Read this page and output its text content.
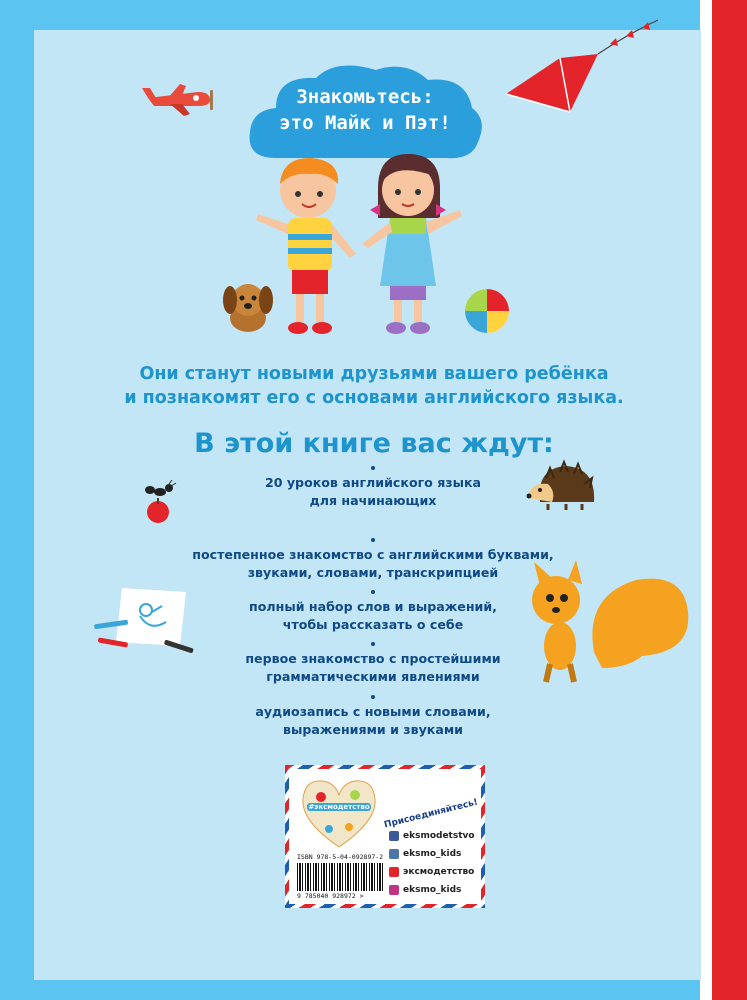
Знакомьтесь:
это Майк и Пэт!
Они станут новыми друзьями вашего ребёнка
и познакомят его с основами английского языка.
В этой книге вас ждут:
20 уроков английского языка
для начинающих
постепенное знакомство с английскими буквами,
звуками, словами, транскрипцией
полный набор слов и выражений,
чтобы рассказать о себе
первое знакомство с простейшими
грамматическими явлениями
аудиозапись с новыми словами,
выражениями и звуками
#эксмодетство Присоединяйтесь!
eksmodetstvo
eksmo_kids
эксмодетство
eksmo_kids
ISBN 978-5-04-092897-2
9 785040 928972 >
